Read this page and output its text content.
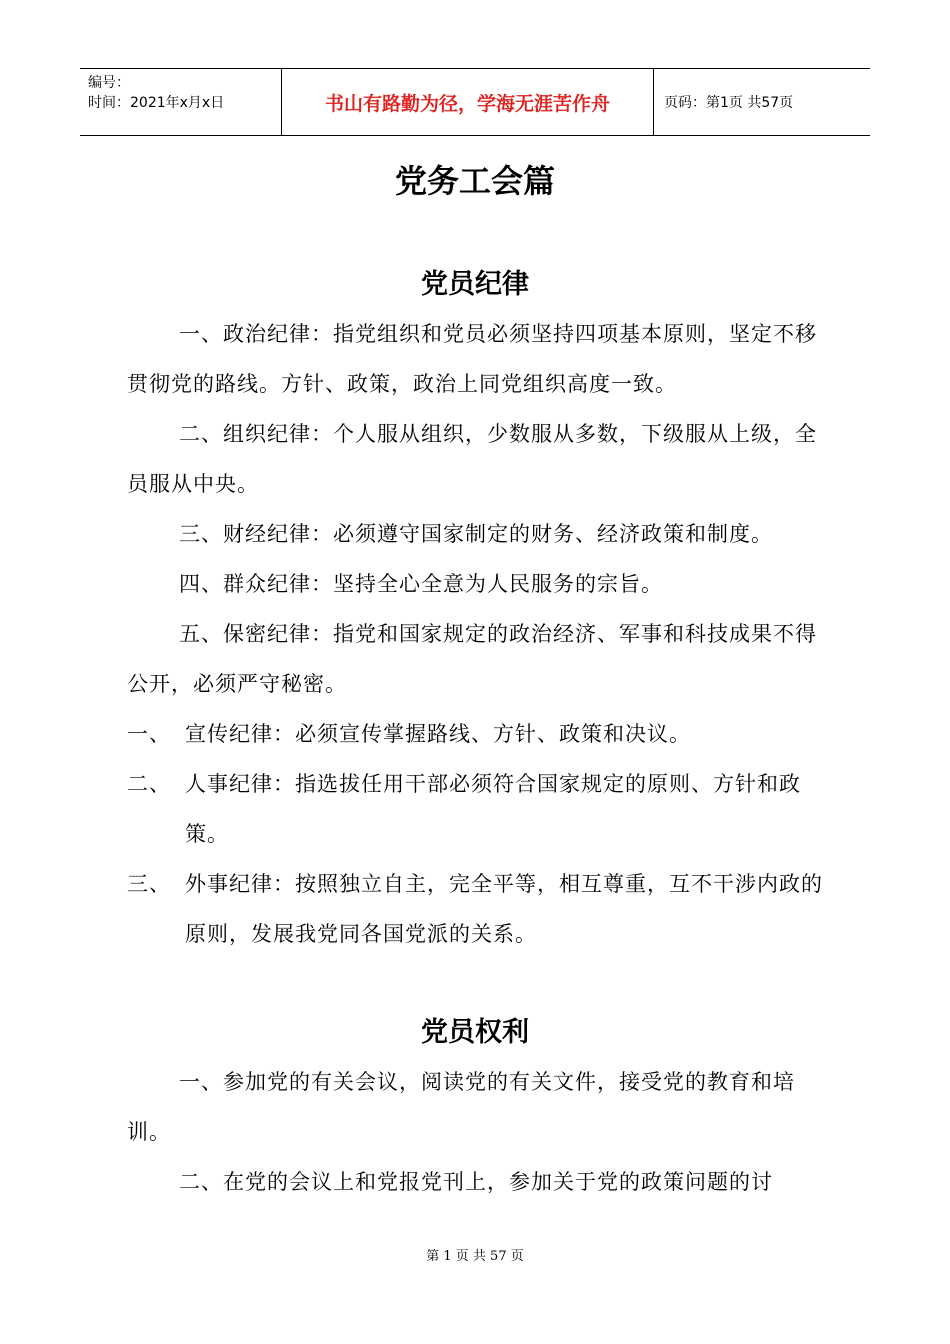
编号：
时间：2021年x月x日	书山有路勤为径，学海无涯苦作舟	页码：第1页 共57页
党务工会篇
党员纪律
一、政治纪律：指党组织和党员必须坚持四项基本原则，坚定不移贯彻党的路线。方针、政策，政治上同党组织高度一致。
二、组织纪律：个人服从组织，少数服从多数，下级服从上级，全员服从中央。
三、财经纪律：必须遵守国家制定的财务、经济政策和制度。
四、群众纪律：坚持全心全意为人民服务的宗旨。
五、保密纪律：指党和国家规定的政治经济、军事和科技成果不得公开，必须严守秘密。
一、 宣传纪律：必须宣传掌握路线、方针、政策和决议。
二、 人事纪律：指选拔任用干部必须符合国家规定的原则、方针和政策。
三、 外事纪律：按照独立自主，完全平等，相互尊重，互不干涉内政的原则，发展我党同各国党派的关系。
党员权利
一、参加党的有关会议，阅读党的有关文件，接受党的教育和培训。
二、在党的会议上和党报党刊上，参加关于党的政策问题的讨
第 1 页 共 57 页
